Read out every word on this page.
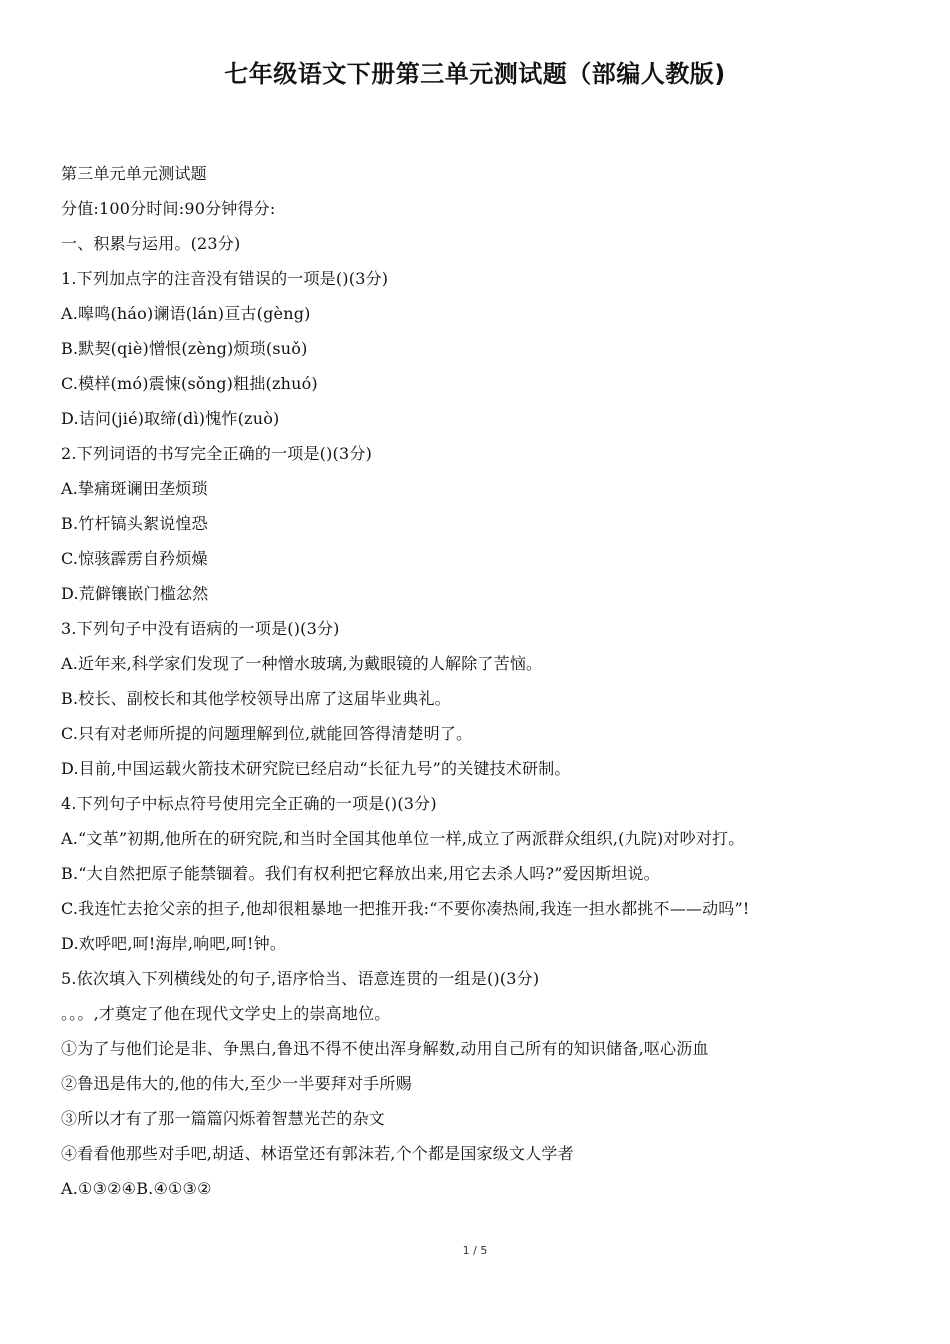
七年级语文下册第三单元测试题（部编人教版)
第三单元单元测试题
分值:100分时间:90分钟得分:
一、积累与运用。(23分)
1.下列加点字的注音没有错误的一项是()(3分)
A.嗥鸣(háo)谰语(lán)亘古(gèng)
B.默契(qiè)憎恨(zèng)烦琐(suǒ)
C.模样(mó)震悚(sǒng)粗拙(zhuó)
D.诘问(jié)取缔(dì)愧怍(zuò)
2.下列词语的书写完全正确的一项是()(3分)
A.挚痛斑谰田垄烦琐
B.竹杆镐头絮说惶恐
C.惊骇霹雳自矜烦燥
D.荒僻镶嵌门槛忿然
3.下列句子中没有语病的一项是()(3分)
A.近年来,科学家们发现了一种憎水玻璃,为戴眼镜的人解除了苦恼。
B.校长、副校长和其他学校领导出席了这届毕业典礼。
C.只有对老师所提的问题理解到位,就能回答得清楚明了。
D.目前,中国运载火箭技术研究院已经启动“长征九号”的关键技术研制。
4.下列句子中标点符号使用完全正确的一项是()(3分)
A.“文革”初期,他所在的研究院,和当时全国其他单位一样,成立了两派群众组织,(九院)对吵对打。
B.“大自然把原子能禁锢着。我们有权利把它释放出来,用它去杀人吗?”爱因斯坦说。
C.我连忙去抢父亲的担子,他却很粗暴地一把推开我:“不要你凑热闹,我连一担水都挑不——动吗”!
D.欢呼吧,呵!海岸,响吧,呵!钟。
5.依次填入下列横线处的句子,语序恰当、语意连贯的一组是()(3分)
。。。,才奠定了他在现代文学史上的崇高地位。
①为了与他们论是非、争黑白,鲁迅不得不使出浑身解数,动用自己所有的知识储备,呕心沥血
②鲁迅是伟大的,他的伟大,至少一半要拜对手所赐
③所以才有了那一篇篇闪烁着智慧光芒的杂文
④看看他那些对手吧,胡适、林语堂还有郭沫若,个个都是国家级文人学者
A.①③②④B.④①③②
1 / 5
